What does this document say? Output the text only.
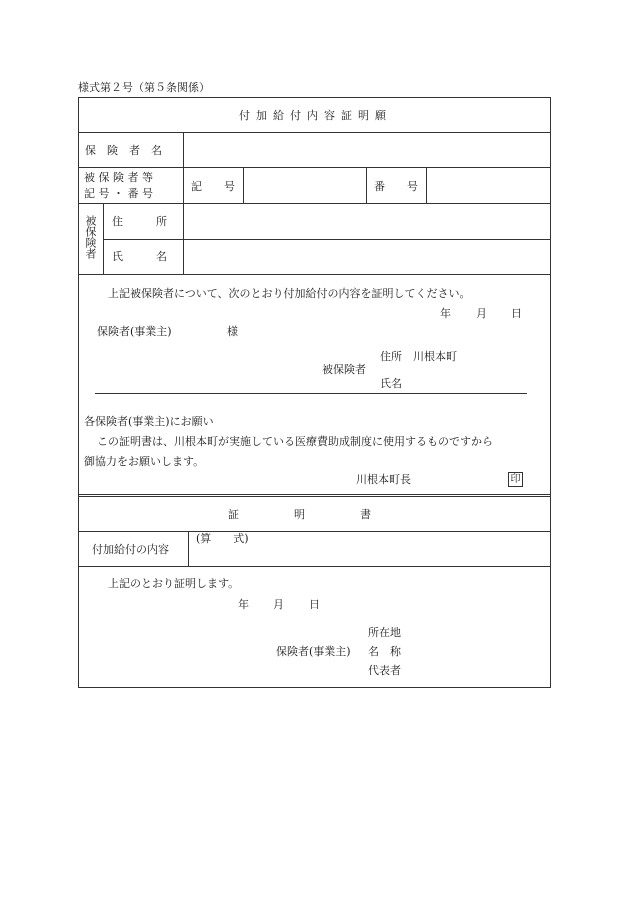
様式第２号（第５条関係）
付加給付内容証明願
保　険　者　名
被 保 険 者 等
記 号 ・ 番 号
記　　号	番　　号
被保険者 住　　　所
氏　　　名
上記被保険者について、次のとおり付加給付の内容を証明してください。
年 月 日
保険者(事業主)	様
住所　川根本町
被保険者
氏名
各保険者(事業主)にお願い
この証明書は、川根本町が実施している医療費助成制度に使用するものですから
御協力をお願いします。
川根本町長	印
証　　　　　明　　　　　書
付加給付の内容
(算　　式)
上記のとおり証明します。
年 月 日
所在地
保険者(事業主) 名　称
代表者
